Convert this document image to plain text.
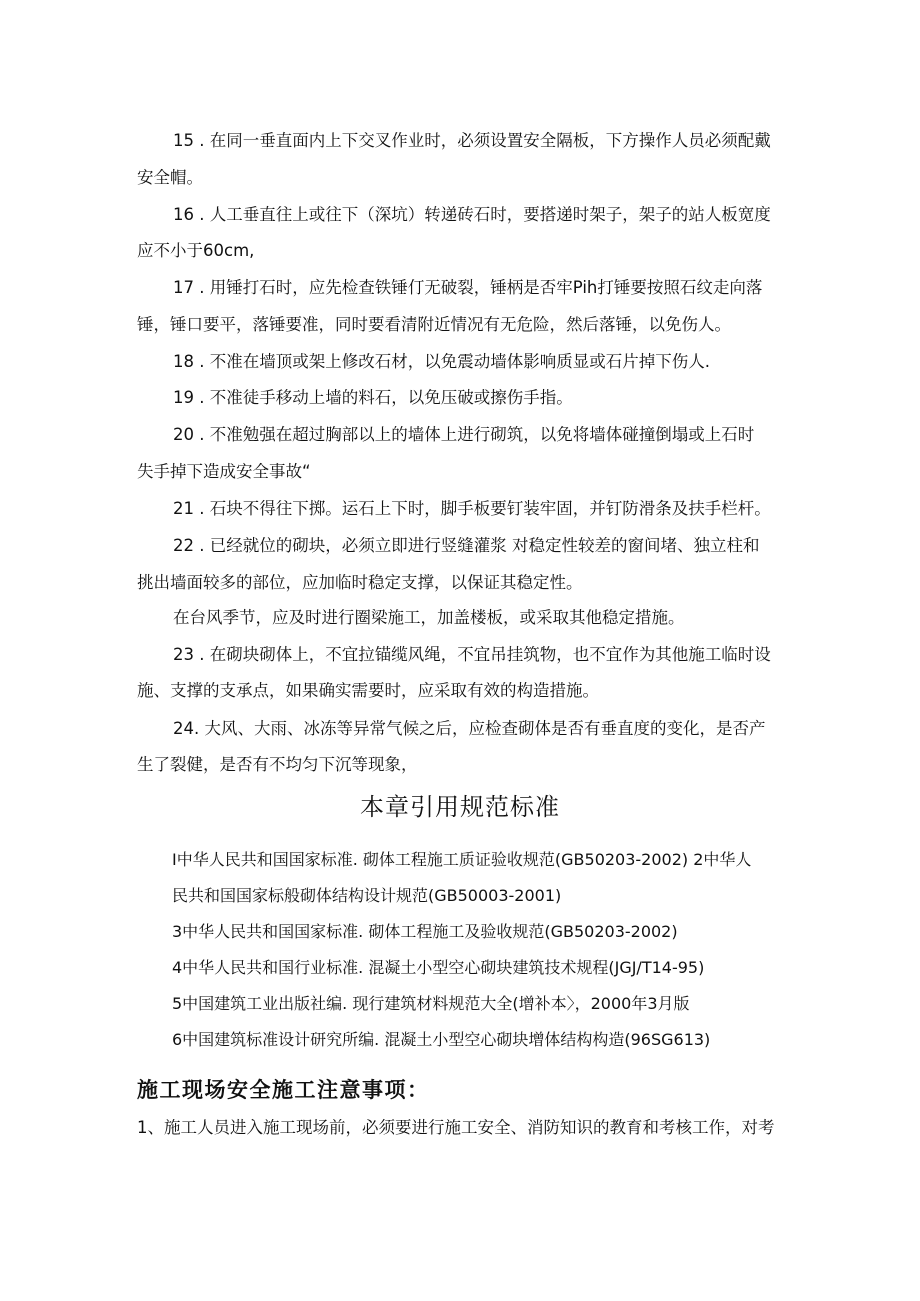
15 . 在同一垂直面内上下交叉作业时，必须设置安全隔板，下方操作人员必须配戴

安全帽。

16 . 人工垂直往上或往下（深坑）转递砖石时，要搭递时架子，架子的站人板宽度

应不小于60cm,

17 . 用锤打石时，应先检查铁锤仃无破裂，锤柄是否牢Pih打锤要按照石纹走向落

锤，锤口要平，落锤要准，同时要看清附近情况有无危险，然后落锤，以免伤人。

18 . 不准在墙顶或架上修改石材，以免震动墙体影响质显或石片掉下伤人.

19 . 不准徒手移动上墙的料石，以免压破或擦伤手指。

20 . 不准勉强在超过胸部以上的墙体上进行砌筑，以免将墙体碰撞倒塌或上石时

失手掉下造成安全事故“

21 . 石块不得往下掷。运石上下时，脚手板要钉装牢固，并钉防滑条及扶手栏杆。

22 . 已经就位的砌块，必须立即进行竖缝灌浆 对稳定性较差的窗间堵、独立柱和

挑出墙面较多的部位，应加临时稳定支撑，以保证其稳定性。

在台风季节，应及时进行圈梁施工，加盖楼板，或采取其他稳定措施。

23 . 在砌块砌体上，不宜拉锚缆风绳，不宜吊挂筑物，也不宜作为其他施工临时设

施、支撑的支承点，如果确实需要时，应采取有效的构造措施。

24. 大风、大雨、冰冻等异常气候之后，应检查砌体是否有垂直度的变化，是否产

生了裂健，是否有不均匀下沉等现象，

本章引用规范标准

I中华人民共和国国家标准. 砌体工程施工质证验收规范(GB50203-2002) 2中华人

民共和国国家标般砌体结构设计规范(GB50003-2001)

3中华人民共和国国家标准. 砌体工程施工及验收规范(GB50203-2002)

4中华人民共和国行业标准. 混凝土小型空心砌块建筑技术规程(JGJ/T14-95)

5中国建筑工业出版社编. 现行建筑材料规范大全(增补本〉，2000年3月版

6中国建筑标准设计研究所编. 混凝土小型空心砌块增体结构构造(96SG613)

施工现场安全施工注意事项：

1、施工人员进入施工现场前，必须要进行施工安全、消防知识的教育和考核工作，对考
